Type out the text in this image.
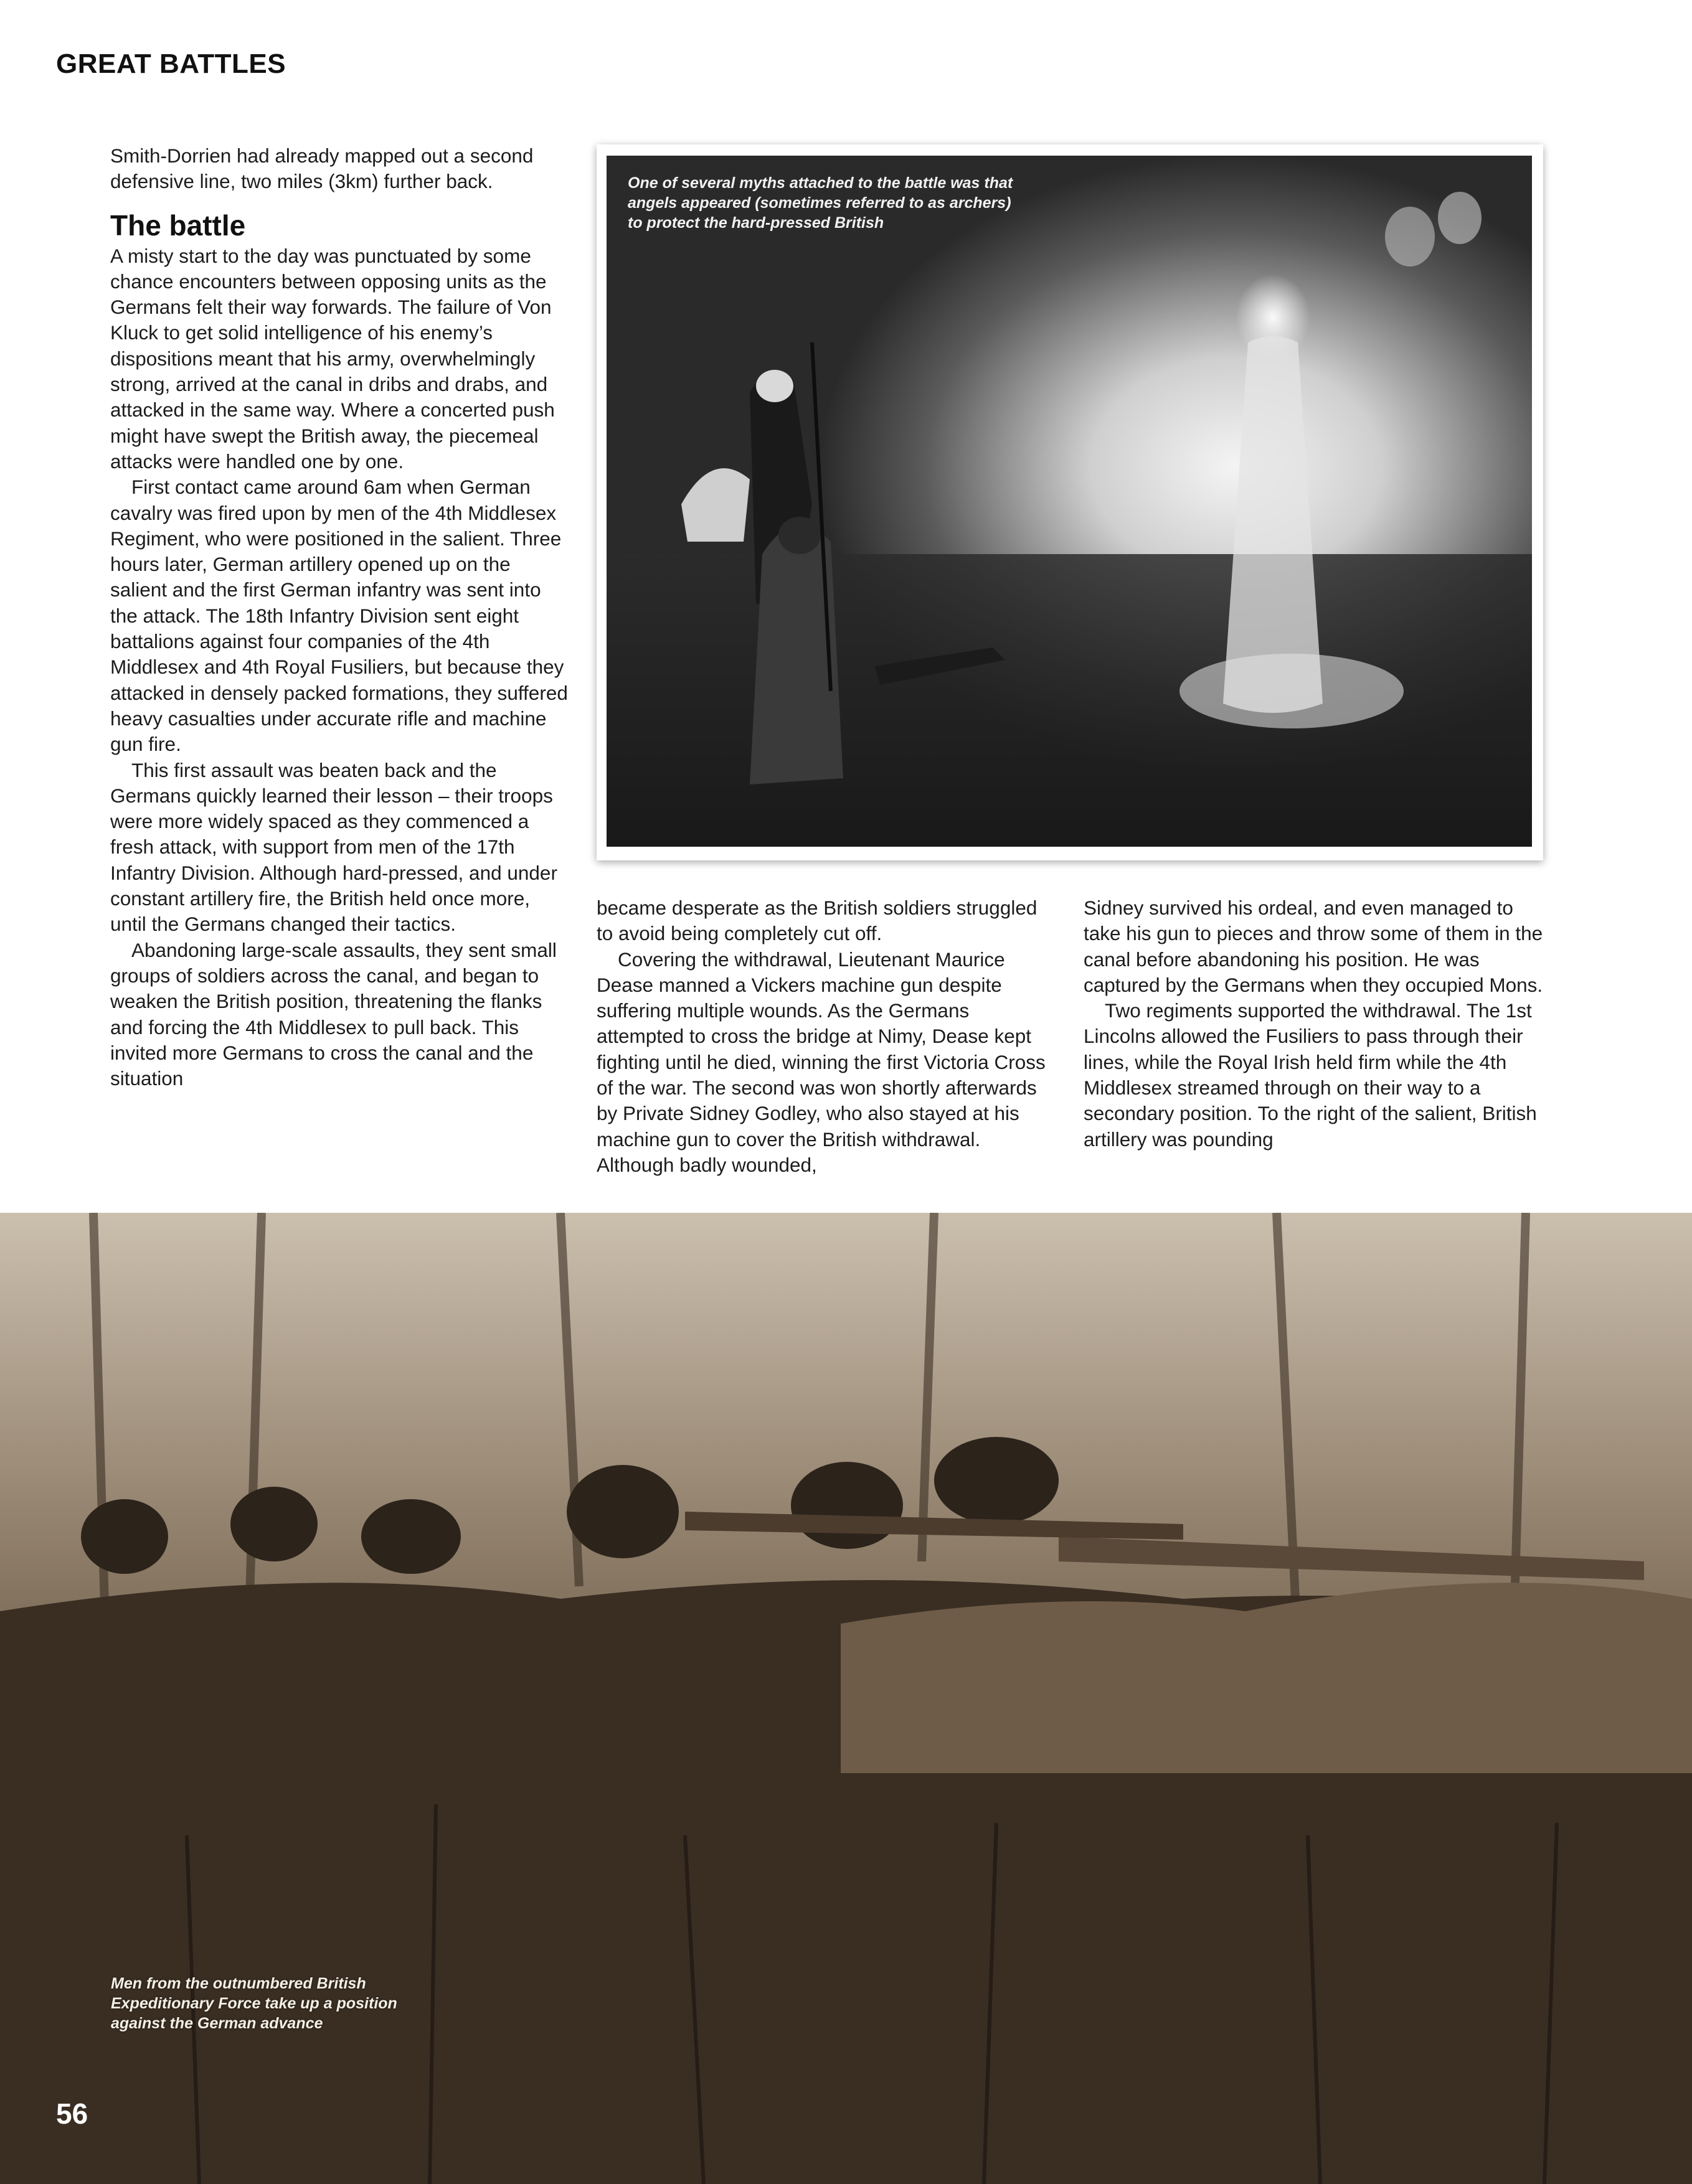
GREAT BATTLES

Smith-Dorrien had already mapped out a second defensive line, two miles (3km) further back.

The battle

A misty start to the day was punctuated by some chance encounters between opposing units as the Germans felt their way forwards. The failure of Von Kluck to get solid intelligence of his enemy’s dispositions meant that his army, overwhelmingly strong, arrived at the canal in dribs and drabs, and attacked in the same way. Where a concerted push might have swept the British away, the piecemeal attacks were handled one by one.

First contact came around 6am when German cavalry was fired upon by men of the 4th Middlesex Regiment, who were positioned in the salient. Three hours later, German artillery opened up on the salient and the first German infantry was sent into the attack. The 18th Infantry Division sent eight battalions against four companies of the 4th Middlesex and 4th Royal Fusiliers, but because they attacked in densely packed formations, they suffered heavy casualties under accurate rifle and machine gun fire.

This first assault was beaten back and the Germans quickly learned their lesson – their troops were more widely spaced as they commenced a fresh attack, with support from men of the 17th Infantry Division. Although hard-pressed, and under constant artillery fire, the British held once more, until the Germans changed their tactics.

Abandoning large-scale assaults, they sent small groups of soldiers across the canal, and began to weaken the British position, threatening the flanks and forcing the 4th Middlesex to pull back. This invited more Germans to cross the canal and the situation

One of several myths attached to the battle was that angels appeared (sometimes referred to as archers) to protect the hard-pressed British

became desperate as the British soldiers struggled to avoid being completely cut off.

Covering the withdrawal, Lieutenant Maurice Dease manned a Vickers machine gun despite suffering multiple wounds. As the Germans attempted to cross the bridge at Nimy, Dease kept fighting until he died, winning the first Victoria Cross of the war. The second was won shortly afterwards by Private Sidney Godley, who also stayed at his machine gun to cover the British withdrawal. Although badly wounded,

Sidney survived his ordeal, and even managed to take his gun to pieces and throw some of them in the canal before abandoning his position. He was captured by the Germans when they occupied Mons.

Two regiments supported the withdrawal. The 1st Lincolns allowed the Fusiliers to pass through their lines, while the Royal Irish held firm while the 4th Middlesex streamed through on their way to a secondary position. To the right of the salient, British artillery was pounding

Men from the outnumbered British Expeditionary Force take up a position against the German advance
56
